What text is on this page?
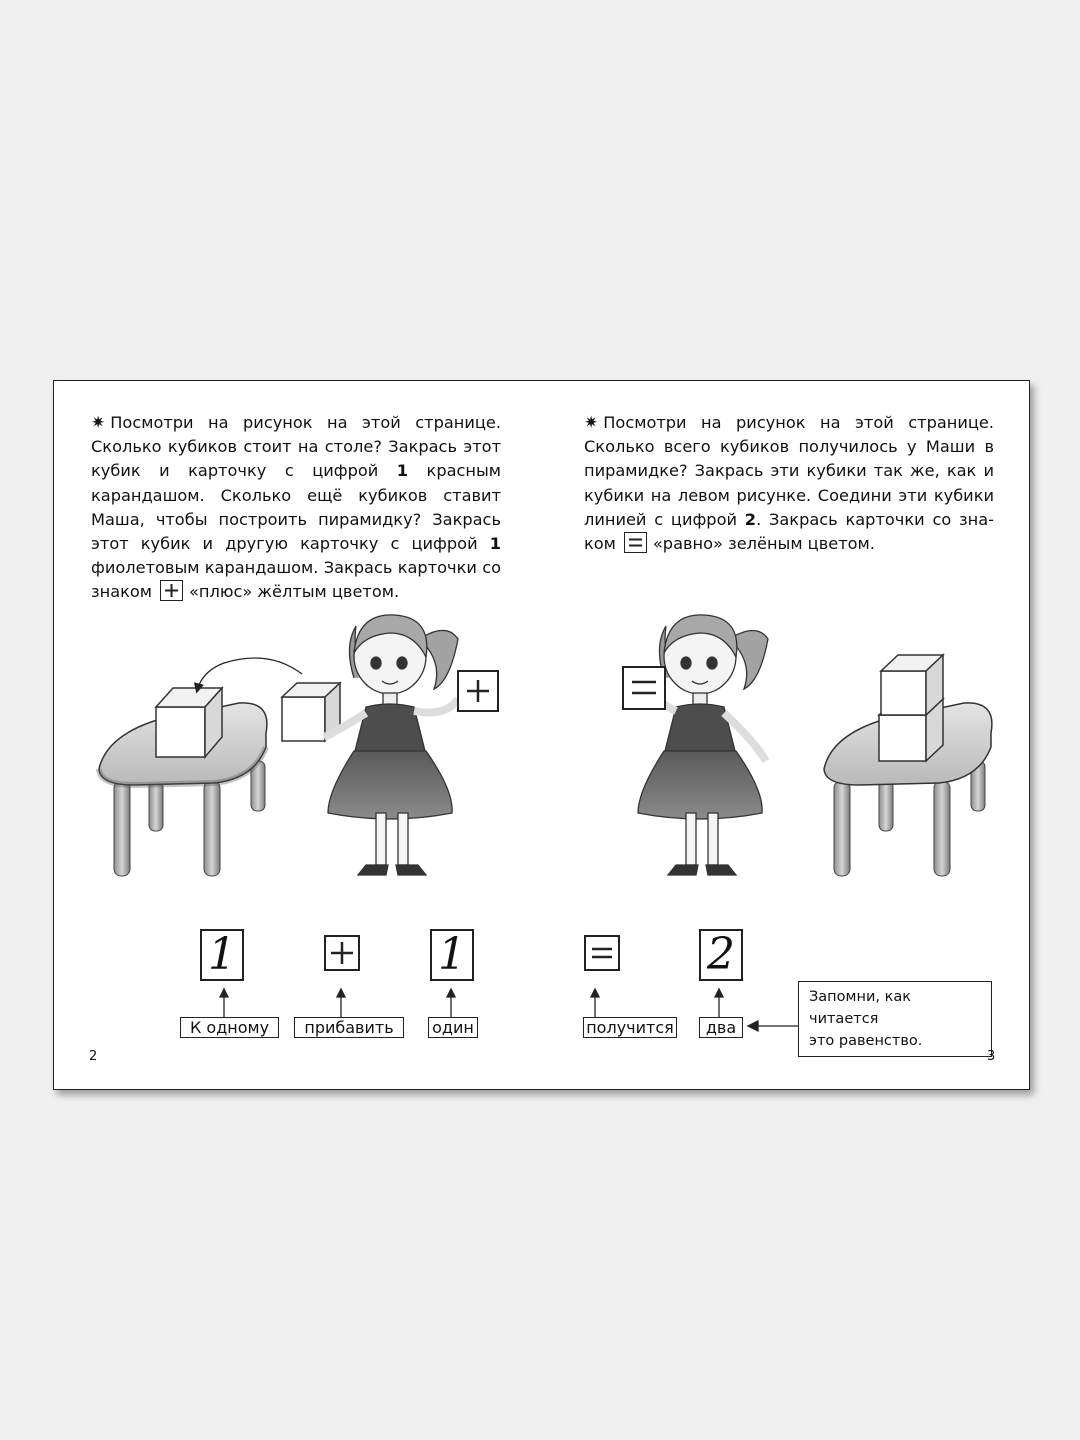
✷ Посмотри на рисунок на этой странице. Сколько кубиков стоит на столе? Закрась этот кубик и карточку с цифрой 1 красным карандашом. Сколько ещё кубиков ставит Маша, чтобы построить пирамидку? Закрась этот кубик и другую карточку с цифрой 1 фиолетовым карандашом. Закрась карточки со знаком «плюс» жёлтым цветом.
✷ Посмотри на рисунок на этой странице. Сколько всего кубиков получилось у Маши в пирамидке? Закрась эти кубики так же, как и кубики на левом рисунке. Соедини эти кубики линией с цифрой 2. Закрась карточки со знаком «равно» зелёным цветом.
1	1	2
К одному	прибавить	один	получится	два
Запомни, как читается
это равенство.
2	3
